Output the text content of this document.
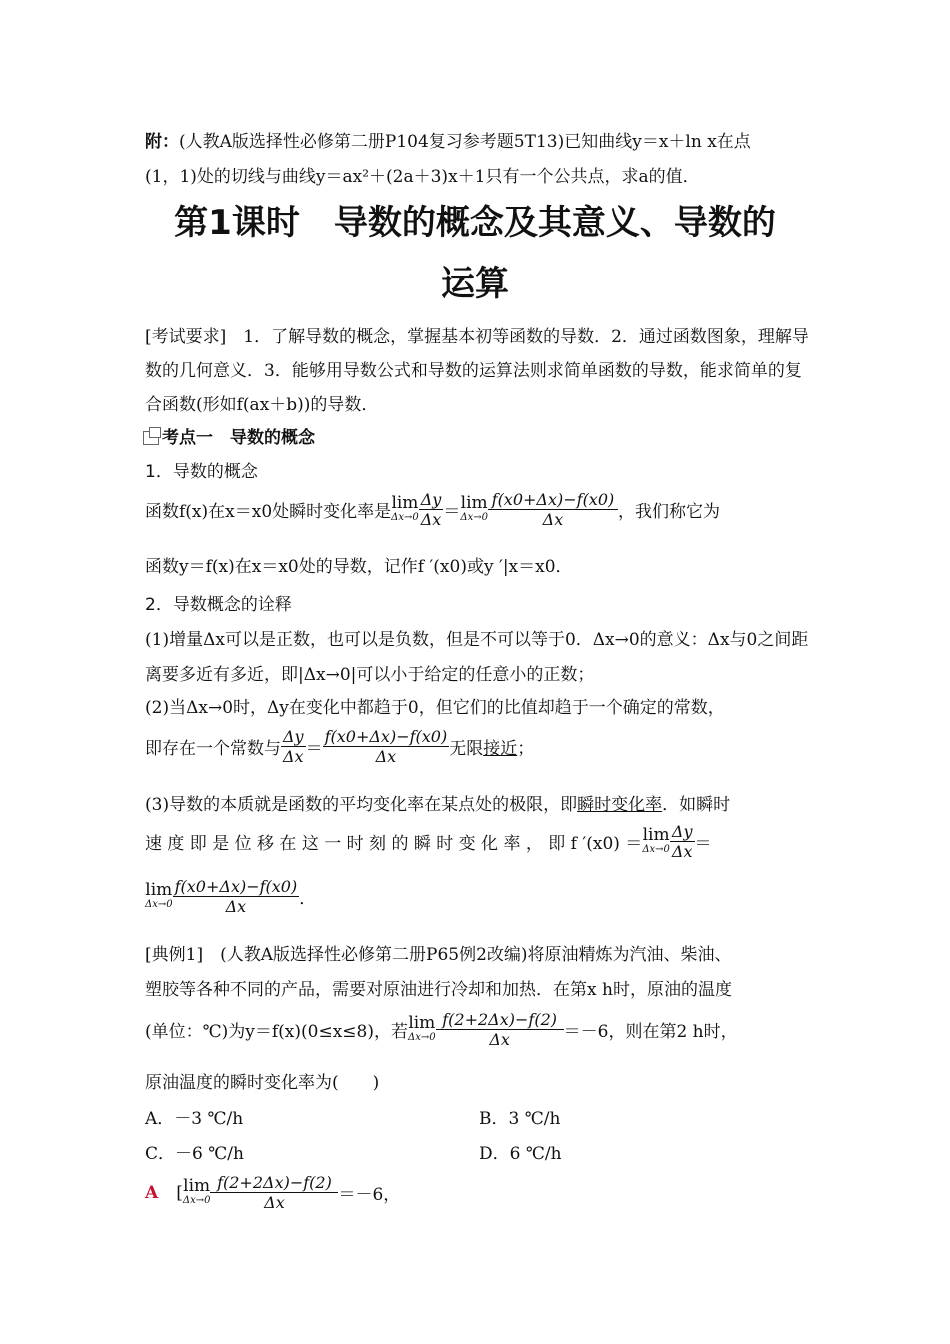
附：(人教A版选择性必修第二册P104复习参考题5T13)已知曲线y＝x＋ln x在点
(1，1)处的切线与曲线y＝ax²＋(2a＋3)x＋1只有一个公共点，求a的值．
第1课时　导数的概念及其意义、导数的
运算
[考试要求]　1．了解导数的概念，掌握基本初等函数的导数．2．通过函数图象，理解导数的几何意义．3．能够用导数公式和导数的运算法则求简单函数的导数，能求简单的复合函数(形如f(ax＋b))的导数．
考点一　导数的概念
1．导数的概念
函数f(x)在x＝x0处瞬时变化率是 lim
$\Delta x\to 0 \frac{\Delta y}{\Delta x} = \lim$
$\Delta x\to 0 \frac{f(x0+\Delta x)-f(x0)}{\Delta x}$ ，我们称它为
函数y＝f(x)在x＝x0处的导数，记作f ′(x0)或y ′|x＝x0．
2．导数概念的诠释
(1)增量Δx可以是正数，也可以是负数，但是不可以等于0．Δx→0的意义：Δx与0之间距离要多近有多近，即|Δx→0|可以小于给定的任意小的正数；
(2)当Δx→0时，Δy在变化中都趋于0，但它们的比值却趋于一个确定的常数，
即存在一个常数与 $\frac{\Delta y}{\Delta x} = \frac{f(x0+\Delta x)-f(x0)}{\Delta x}$ 无限 接近 ；
(3)导数的本质就是函数的平均变化率在某点处的极限，即瞬时变化率．如瞬时
速 度 即 是 位 移 在 这 一 时 刻 的 瞬 时 变 化 率 ， 即 f ′(x0) ＝ lim
$\Delta x\to 0 \frac{\Delta y}{\Delta x}$ ＝
lim
$\Delta x\to 0 \frac{f(x0+\Delta x)-f(x0)}{\Delta x}$ ．
[典例1]　(人教A版选择性必修第二册P65例2改编)将原油精炼为汽油、柴油、
塑胶等各种不同的产品，需要对原油进行冷却和加热．在第x h时，原油的温度
(单位：℃)为y＝f(x)(0≤x≤8)，若 lim
$\Delta x\to 0 \frac{f(2+2\Delta x)-f(2)}{\Delta x} =-6$，则在第2 h时，
原油温度的瞬时变化率为(　　)
A．－3 ℃/h	B．3 ℃/h
C．－6 ℃/h	D．6 ℃/h
A [ lim
$\Delta x\to 0 \frac{f(2+2\Delta x)-f(2)}{\Delta x} =-6$，
